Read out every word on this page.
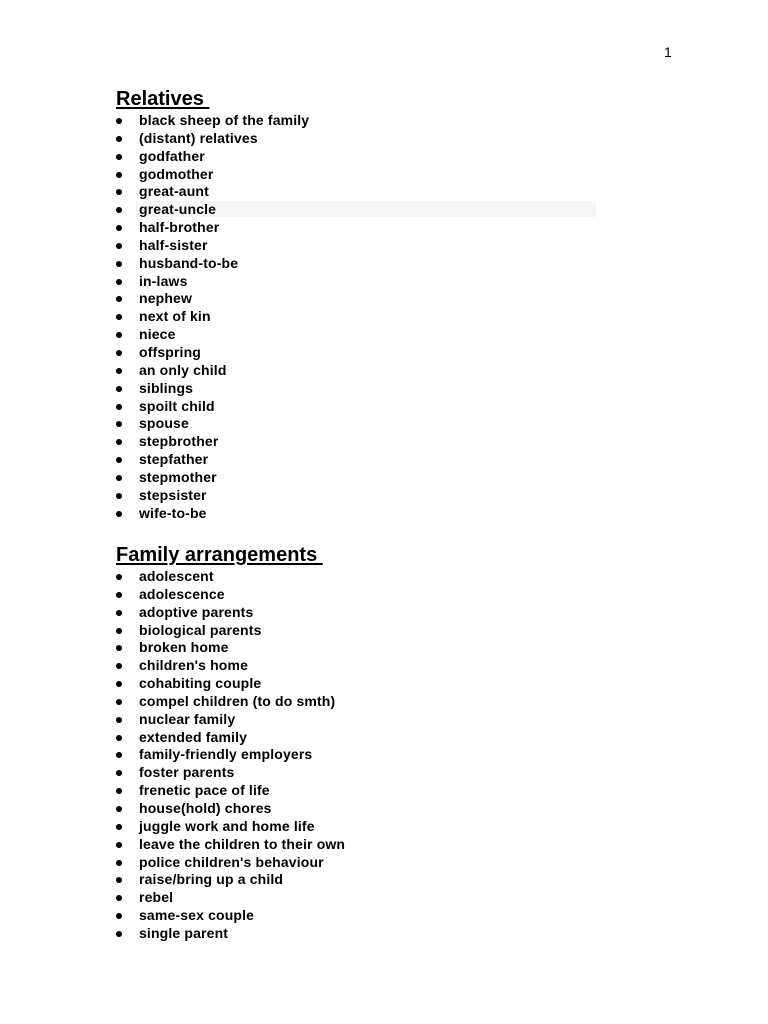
1
Relatives
black sheep of the family
(distant) relatives
godfather
godmother
great-aunt
great-uncle
half-brother
half-sister
husband-to-be
in-laws
nephew
next of kin
niece
offspring
an only child
siblings
spoilt child
spouse
stepbrother
stepfather
stepmother
stepsister
wife-to-be
Family arrangements
adolescent
adolescence
adoptive parents
biological parents
broken home
children's home
cohabiting couple
compel children (to do smth)
nuclear family
extended family
family-friendly employers
foster parents
frenetic pace of life
house(hold) chores
juggle work and home life
leave the children to their own
police children's behaviour
raise/bring up a child
rebel
same-sex couple
single parent
